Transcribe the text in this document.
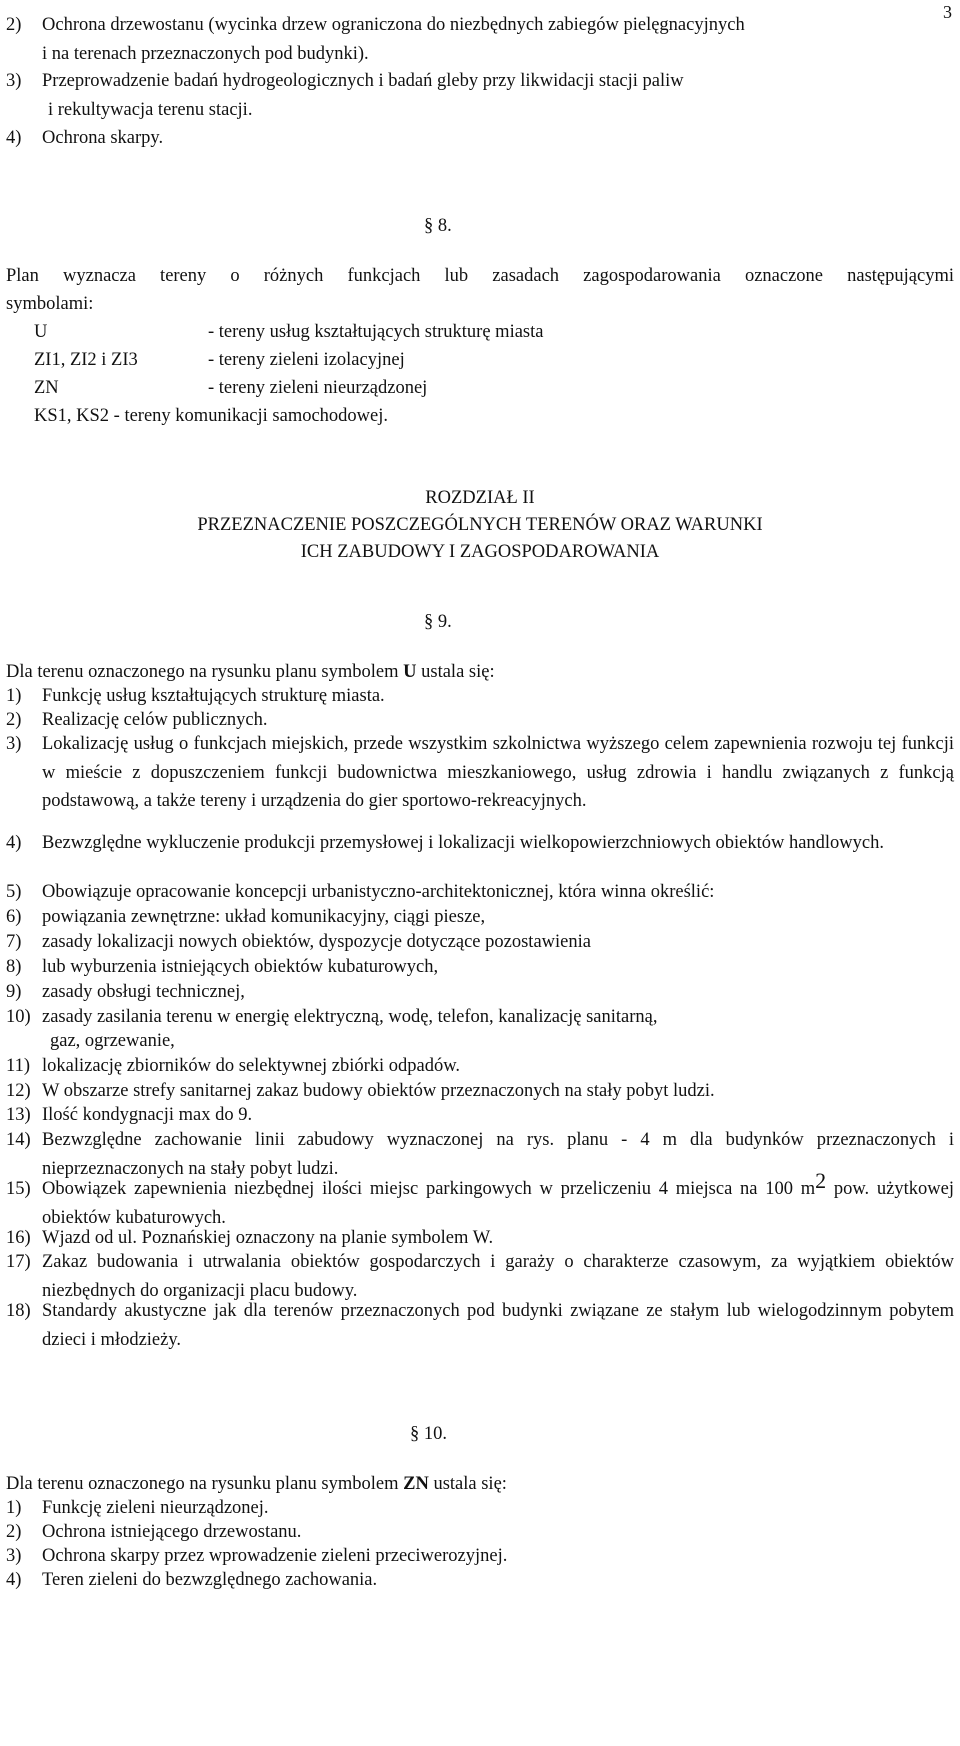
3
2)	Ochrona drzewostanu (wycinka drzew ograniczona do niezbędnych zabiegów pielęgnacyjnych
i na terenach przeznaczonych pod budynki).
3)	Przeprowadzenie badań hydrogeologicznych i badań gleby przy likwidacji stacji paliw
i rekultywacja terenu stacji.
4)	Ochrona skarpy.
§ 8.
Plan wyznacza tereny o różnych funkcjach lub zasadach zagospodarowania oznaczone następującymi
symbolami:
U	- tereny usług kształtujących strukturę miasta
ZI1, ZI2 i ZI3	- tereny zieleni izolacyjnej
ZN	- tereny zieleni nieurządzonej
KS1, KS2 - tereny komunikacji samochodowej.
ROZDZIAŁ II
PRZEZNACZENIE POSZCZEGÓLNYCH TERENÓW ORAZ WARUNKI
ICH ZABUDOWY I ZAGOSPODAROWANIA
§ 9.
Dla terenu oznaczonego na rysunku planu symbolem U ustala się:
1)	Funkcję usług kształtujących strukturę miasta.
2)	Realizację celów publicznych.
3)	Lokalizację usług o funkcjach miejskich, przede wszystkim szkolnictwa wyższego celem zapewnienia rozwoju tej funkcji w mieście z dopuszczeniem funkcji budownictwa mieszkaniowego, usług zdrowia i handlu związanych z funkcją podstawową, a także tereny i urządzenia do gier sportowo-rekreacyjnych.
4)	Bezwzględne wykluczenie produkcji przemysłowej i lokalizacji wielkopowierzchniowych obiektów handlowych.
5)	Obowiązuje opracowanie koncepcji urbanistyczno-architektonicznej, która winna określić:
6)	powiązania zewnętrzne: układ komunikacyjny, ciągi piesze,
7)	zasady lokalizacji nowych obiektów, dyspozycje dotyczące pozostawienia
8)	lub wyburzenia istniejących obiektów kubaturowych,
9)	zasady obsługi technicznej,
10) zasady zasilania terenu w energię elektryczną, wodę, telefon, kanalizację sanitarną,
gaz, ogrzewanie,
11) lokalizację zbiorników do selektywnej zbiórki odpadów.
12) W obszarze strefy sanitarnej zakaz budowy obiektów przeznaczonych na stały pobyt ludzi.
13) Ilość kondygnacji max do 9.
14) Bezwzględne zachowanie linii zabudowy wyznaczonej na rys. planu - 4 m dla budynków przeznaczonych i nieprzeznaczonych na stały pobyt ludzi.
15) Obowiązek zapewnienia niezbędnej ilości miejsc parkingowych w przeliczeniu 4 miejsca na 100 $m^2$ pow. użytkowej obiektów kubaturowych.
16) Wjazd od ul. Poznańskiej oznaczony na planie symbolem W.
17) Zakaz budowania i utrwalania obiektów gospodarczych i garaży o charakterze czasowym, za wyjątkiem obiektów niezbędnych do organizacji placu budowy.
18) Standardy akustyczne jak dla terenów przeznaczonych pod budynki związane ze stałym lub wielogodzinnym pobytem dzieci i młodzieży.
§ 10.
Dla terenu oznaczonego na rysunku planu symbolem ZN ustala się:
1)	Funkcję zieleni nieurządzonej.
2)	Ochrona istniejącego drzewostanu.
3)	Ochrona skarpy przez wprowadzenie zieleni przeciwerozyjnej.
4)	Teren zieleni do bezwzględnego zachowania.
